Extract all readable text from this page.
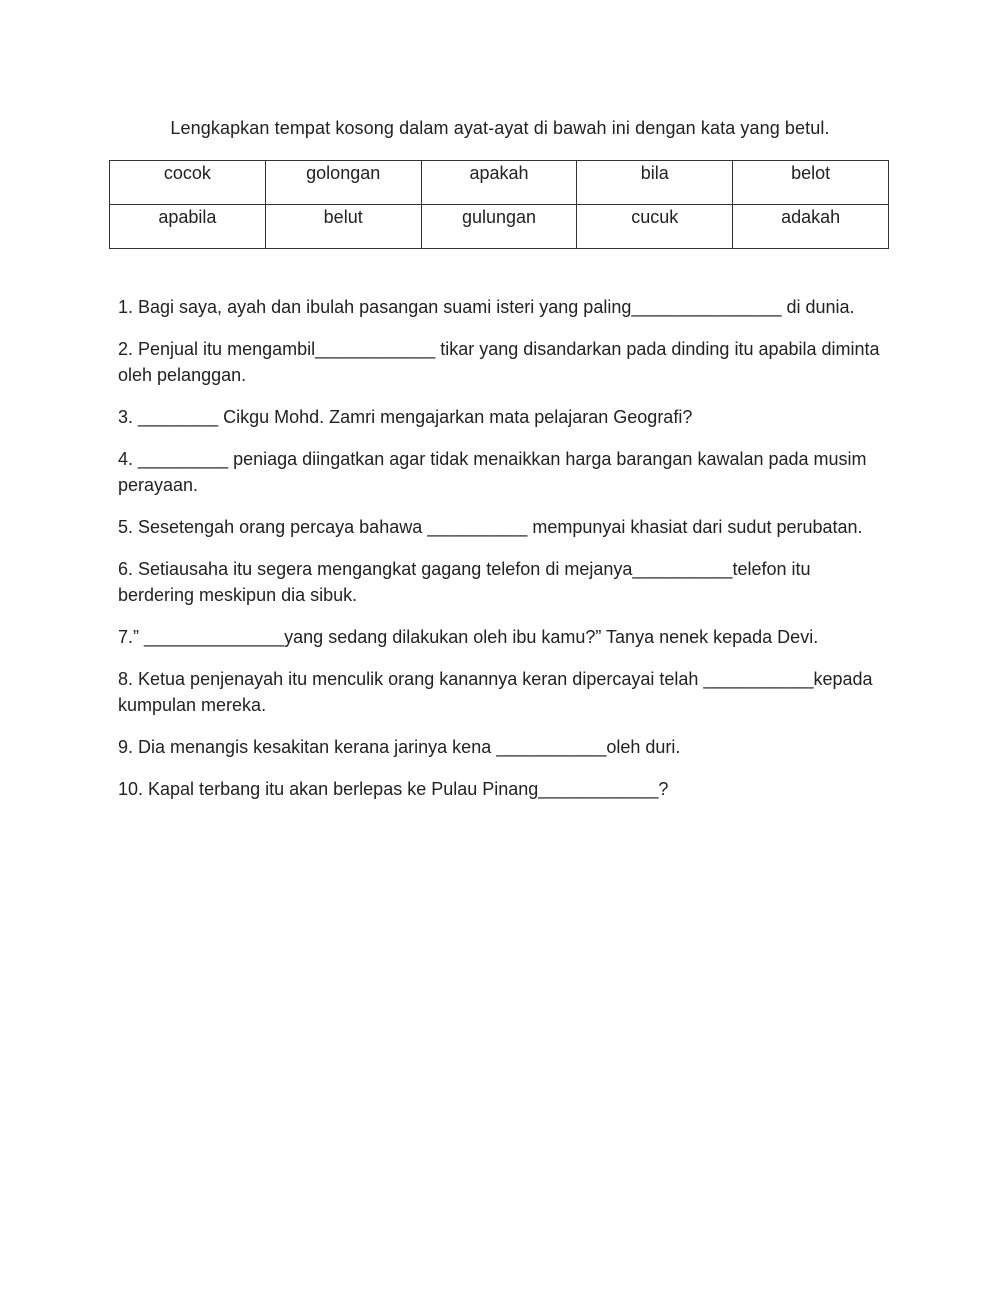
Lengkapkan tempat kosong dalam ayat-ayat di bawah ini dengan kata yang betul.
cocok	golongan	apakah	bila	belot
apabila	belut	gulungan	cucuk	adakah

1. Bagi saya, ayah dan ibulah pasangan suami isteri yang paling_______________ di dunia.

2. Penjual itu mengambil____________ tikar yang disandarkan pada dinding itu apabila diminta oleh pelanggan.

3. ________ Cikgu Mohd. Zamri mengajarkan mata pelajaran Geografi?

4. _________ peniaga diingatkan agar tidak menaikkan harga barangan kawalan pada musim perayaan.

5. Sesetengah orang percaya bahawa __________ mempunyai khasiat dari sudut perubatan.

6. Setiausaha itu segera mengangkat gagang telefon di mejanya__________telefon itu berdering meskipun dia sibuk.

7.” ______________yang sedang dilakukan oleh ibu kamu?” Tanya nenek kepada Devi.

8. Ketua penjenayah itu menculik orang kanannya keran dipercayai telah ___________kepada kumpulan mereka.

9. Dia menangis kesakitan kerana jarinya kena ___________oleh duri.

10. Kapal terbang itu akan berlepas ke Pulau Pinang____________?
